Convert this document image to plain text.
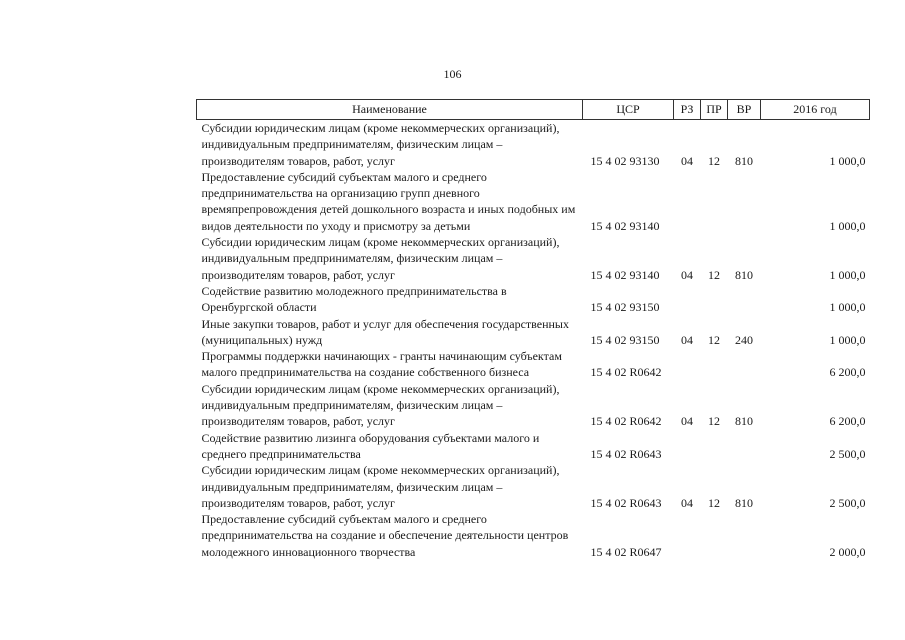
106
Наименование	ЦСР	РЗ	ПР	ВР	2016 год
Субсидии юридическим лицам (кроме некоммерческих организаций), индивидуальным предпринимателям, физическим лицам – производителям товаров, работ, услуг	15 4 02 93130	04	12	810	1 000,0
Предоставление субсидий субъектам малого и среднего предпринимательства на организацию групп дневного времяпрепровождения детей дошкольного возраста и иных подобных им видов деятельности по уходу и присмотру за детьми	15 4 02 93140				1 000,0
Субсидии юридическим лицам (кроме некоммерческих организаций), индивидуальным предпринимателям, физическим лицам – производителям товаров, работ, услуг	15 4 02 93140	04	12	810	1 000,0
Содействие развитию молодежного предпринимательства в Оренбургской области	15 4 02 93150				1 000,0
Иные закупки товаров, работ и услуг для обеспечения государственных (муниципальных) нужд	15 4 02 93150	04	12	240	1 000,0
Программы поддержки начинающих - гранты начинающим субъектам малого предпринимательства на создание собственного бизнеса	15 4 02 R0642				6 200,0
Субсидии юридическим лицам (кроме некоммерческих организаций), индивидуальным предпринимателям, физическим лицам – производителям товаров, работ, услуг	15 4 02 R0642	04	12	810	6 200,0
Содействие развитию лизинга оборудования субъектами малого и среднего предпринимательства	15 4 02 R0643				2 500,0
Субсидии юридическим лицам (кроме некоммерческих организаций), индивидуальным предпринимателям, физическим лицам – производителям товаров, работ, услуг	15 4 02 R0643	04	12	810	2 500,0
Предоставление субсидий субъектам малого и среднего предпринимательства на создание и обеспечение деятельности центров молодежного инновационного творчества	15 4 02 R0647				2 000,0
